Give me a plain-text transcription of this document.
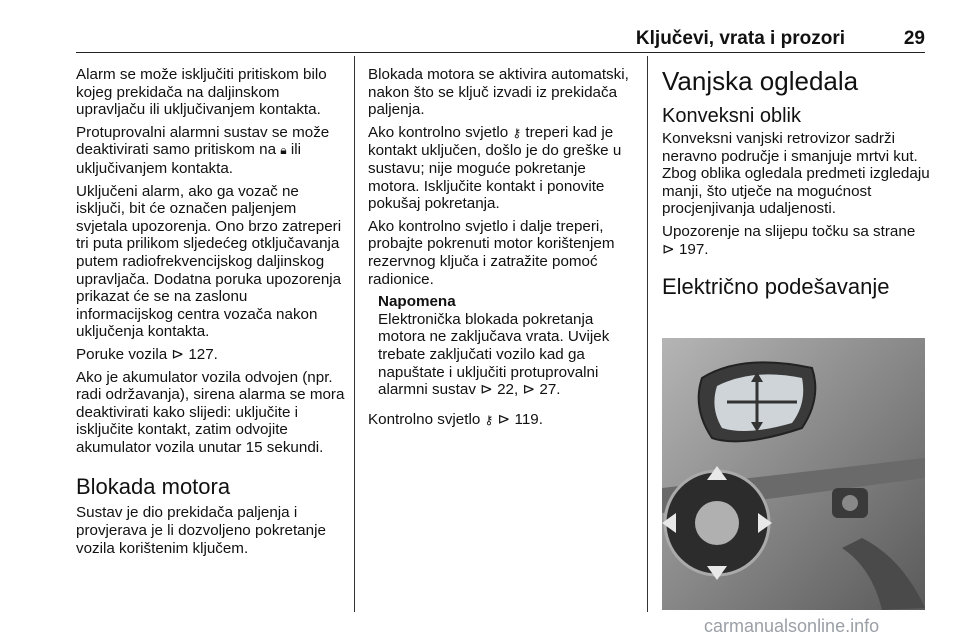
Ključevi, vrata i prozori	29

Alarm se može isključiti pritiskom bilo kojeg prekidača na daljinskom upravljaču ili uključivanjem kontakta.

Protuprovalni alarmni sustav se može deaktivirati samo pritiskom na 🔒︎ ili uključivanjem kontakta.

Uključeni alarm, ako ga vozač ne isključi, bit će označen paljenjem svjetala upozorenja. Ono brzo zatreperi tri puta prilikom sljedećeg otključavanja putem radiofrekvencijskog daljinskog upravljača. Dodatna poruka upozorenja prikazat će se na zaslonu informacijskog centra vozača nakon uključenja kontakta.

Poruke vozila ⊳ 127.

Ako je akumulator vozila odvojen (npr. radi održavanja), sirena alarma se mora deaktivirati kako slijedi: uključite i isključite kontakt, zatim odvojite akumulator vozila unutar 15 sekundi.

Blokada motora

Sustav je dio prekidača paljenja i provjerava je li dozvoljeno pokretanje vozila korištenim ključem.

Blokada motora se aktivira automatski, nakon što se ključ izvadi iz prekidača paljenja.

Ako kontrolno svjetlo ⚷ treperi kad je kontakt uključen, došlo je do greške u sustavu; nije moguće pokretanje motora. Isključite kontakt i ponovite pokušaj pokretanja.

Ako kontrolno svjetlo i dalje treperi, probajte pokrenuti motor korištenjem rezervnog ključa i zatražite pomoć radionice.

Napomena

Elektronička blokada pokretanja motora ne zaključava vrata. Uvijek trebate zaključati vozilo kad ga napuštate i uključiti protuprovalni alarmni sustav ⊳ 22, ⊳ 27.

Kontrolno svjetlo ⚷ ⊳ 119.

Vanjska ogledala
Konveksni oblik

Konveksni vanjski retrovizor sadrži neravno područje i smanjuje mrtvi kut. Zbog oblika ogledala predmeti izgledaju manji, što utječe na mogućnost procjenjivanja udaljenosti.

Upozorenje na slijepu točku sa strane ⊳ 197.

Električno podešavanje
carmanualsonline.info
